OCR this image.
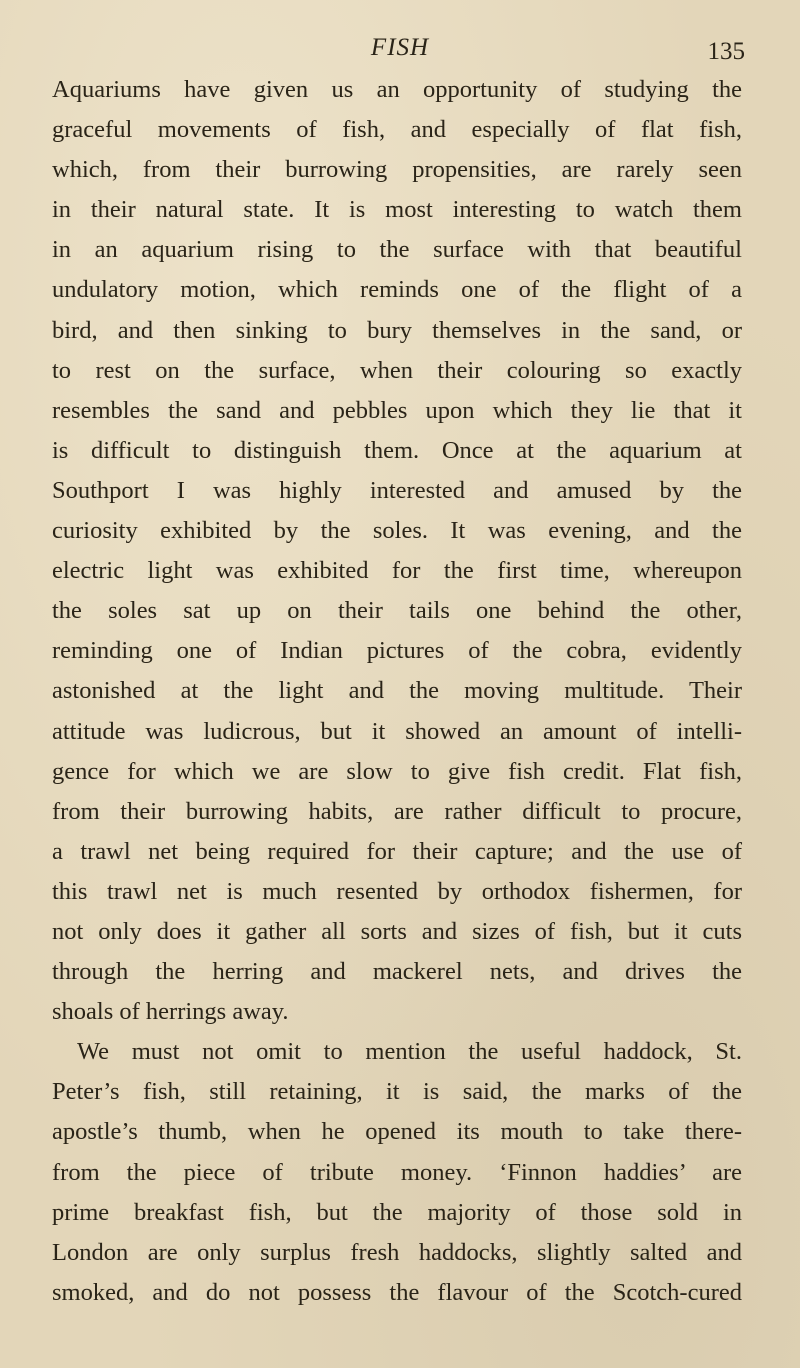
FISH	135
Aquariums have given us an opportunity of studying the
graceful movements of fish, and especially of flat fish,
which, from their burrowing propensities, are rarely seen
in their natural state. It is most interesting to watch them
in an aquarium rising to the surface with that beautiful
undulatory motion, which reminds one of the flight of a
bird, and then sinking to bury themselves in the sand, or
to rest on the surface, when their colouring so exactly
resembles the sand and pebbles upon which they lie that it
is difficult to distinguish them. Once at the aquarium at
Southport I was highly interested and amused by the
curiosity exhibited by the soles. It was evening, and the
electric light was exhibited for the first time, whereupon
the soles sat up on their tails one behind the other,
reminding one of Indian pictures of the cobra, evidently
astonished at the light and the moving multitude. Their
attitude was ludicrous, but it showed an amount of intelli-
gence for which we are slow to give fish credit. Flat fish,
from their burrowing habits, are rather difficult to procure,
a trawl net being required for their capture; and the use of
this trawl net is much resented by orthodox fishermen, for
not only does it gather all sorts and sizes of fish, but it cuts
through the herring and mackerel nets, and drives the
shoals of herrings away.
We must not omit to mention the useful haddock, St.
Peter’s fish, still retaining, it is said, the marks of the
apostle’s thumb, when he opened its mouth to take there-
from the piece of tribute money. ‘Finnon haddies’ are
prime breakfast fish, but the majority of those sold in
London are only surplus fresh haddocks, slightly salted and
smoked, and do not possess the flavour of the Scotch-cured
